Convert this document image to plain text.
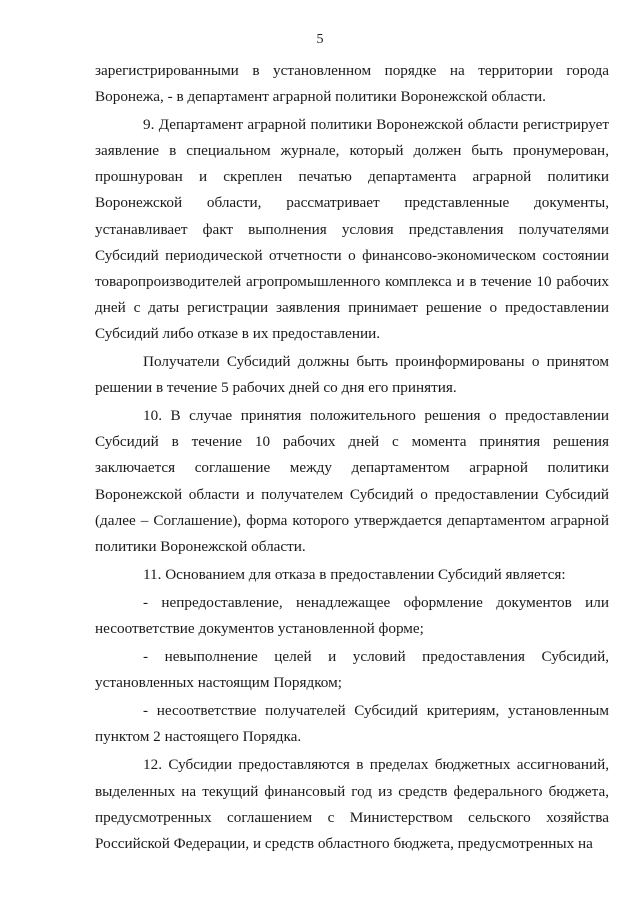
5

зарегистрированными в установленном порядке на территории города Воронежа, - в департамент аграрной политики Воронежской области.

9. Департамент аграрной политики Воронежской области регистрирует заявление в специальном журнале, который должен быть пронумерован, прошнурован и скреплен печатью департамента аграрной политики Воронежской области, рассматривает представленные документы, устанавливает факт выполнения условия представления получателями Субсидий периодической отчетности о финансово-экономическом состоянии товаропроизводителей агропромышленного комплекса и в течение 10 рабочих дней с даты регистрации заявления принимает решение о предоставлении Субсидий либо отказе в их предоставлении.

Получатели Субсидий должны быть проинформированы о принятом решении в течение 5 рабочих дней со дня его принятия.

10. В случае принятия положительного решения о предоставлении Субсидий в течение 10 рабочих дней с момента принятия решения заключается соглашение между департаментом аграрной политики Воронежской области и получателем Субсидий о предоставлении Субсидий (далее – Соглашение), форма которого утверждается департаментом аграрной политики Воронежской области.

11. Основанием для отказа в предоставлении Субсидий является:

- непредоставление, ненадлежащее оформление документов или несоответствие документов установленной форме;

- невыполнение целей и условий предоставления Субсидий, установленных настоящим Порядком;

- несоответствие получателей Субсидий критериям, установленным пунктом 2 настоящего Порядка.

12. Субсидии предоставляются в пределах бюджетных ассигнований, выделенных на текущий финансовый год из средств федерального бюджета, предусмотренных соглашением с Министерством сельского хозяйства Российской Федерации, и средств областного бюджета, предусмотренных на
